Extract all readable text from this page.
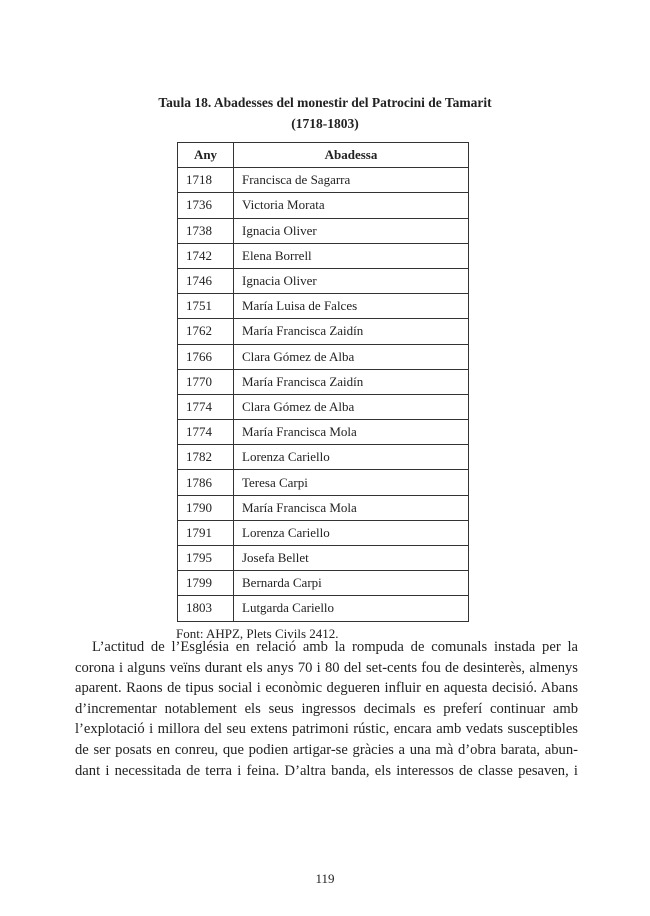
Taula 18. Abadesses del monestir del Patrocini de Tamarit
(1718-1803)
Any	Abadessa
1718	Francisca de Sagarra
1736	Victoria Morata
1738	Ignacia Oliver
1742	Elena Borrell
1746	Ignacia Oliver
1751	María Luisa de Falces
1762	María Francisca Zaidín
1766	Clara Gómez de Alba
1770	María Francisca Zaidín
1774	Clara Gómez de Alba
1774	María Francisca Mola
1782	Lorenza Cariello
1786	Teresa Carpi
1790	María Francisca Mola
1791	Lorenza Cariello
1795	Josefa Bellet
1799	Bernarda Carpi
1803	Lutgarda Cariello
Font: AHPZ, Plets Civils 2412.
L’actitud de l’Església en relació amb la rompuda de comunals instada per la
corona i alguns veïns durant els anys 70 i 80 del set-cents fou de desinterès, almenys
aparent. Raons de tipus social i econòmic degueren influir en aquesta decisió. Abans
d’incrementar notablement els seus ingressos decimals es preferí continuar amb
l’explotació i millora del seu extens patrimoni rústic, encara amb vedats susceptibles
de ser posats en conreu, que podien artigar-se gràcies a una mà d’obra barata, abun-
dant i necessitada de terra i feina. D’altra banda, els interessos de classe pesaven, i
119
